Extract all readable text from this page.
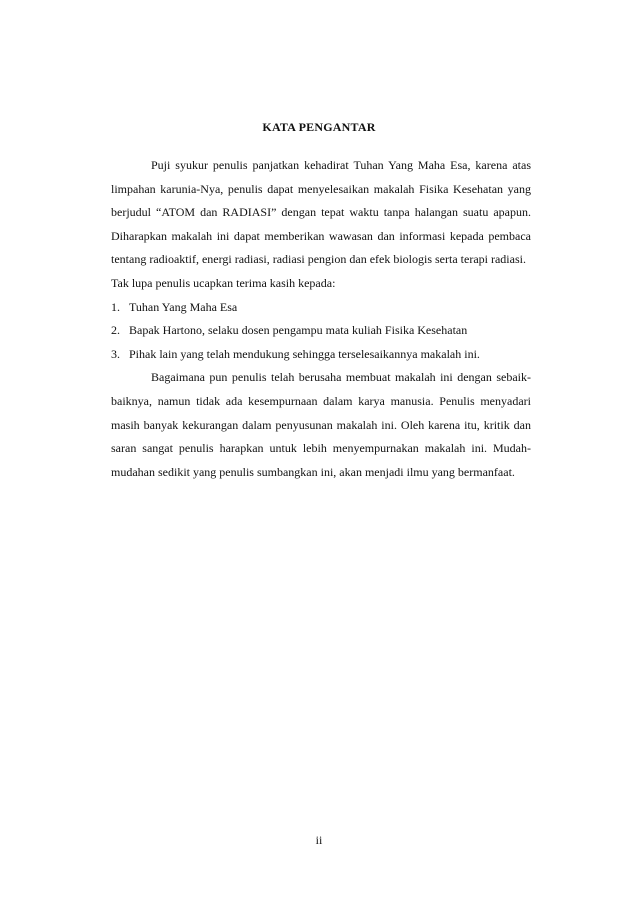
KATA PENGANTAR

Puji syukur penulis panjatkan kehadirat Tuhan Yang Maha Esa, karena atas limpahan karunia-Nya, penulis dapat menyelesaikan makalah Fisika Kesehatan yang berjudul “ATOM dan RADIASI” dengan tepat waktu tanpa halangan suatu apapun. Diharapkan makalah ini dapat memberikan wawasan dan informasi kepada pembaca tentang radioaktif, energi radiasi, radiasi pengion dan efek biologis serta terapi radiasi.

Tak lupa penulis ucapkan terima kasih kepada:

1. Tuhan Yang Maha Esa
2. Bapak Hartono, selaku dosen pengampu mata kuliah Fisika Kesehatan
3. Pihak lain yang telah mendukung sehingga terselesaikannya makalah ini.

Bagaimana pun penulis telah berusaha membuat makalah ini dengan sebaik-baiknya, namun tidak ada kesempurnaan dalam karya manusia. Penulis menyadari masih banyak kekurangan dalam penyusunan makalah ini. Oleh karena itu, kritik dan saran sangat penulis harapkan untuk lebih menyempurnakan makalah ini. Mudah-mudahan sedikit yang penulis sumbangkan ini, akan menjadi ilmu yang bermanfaat.

ii
